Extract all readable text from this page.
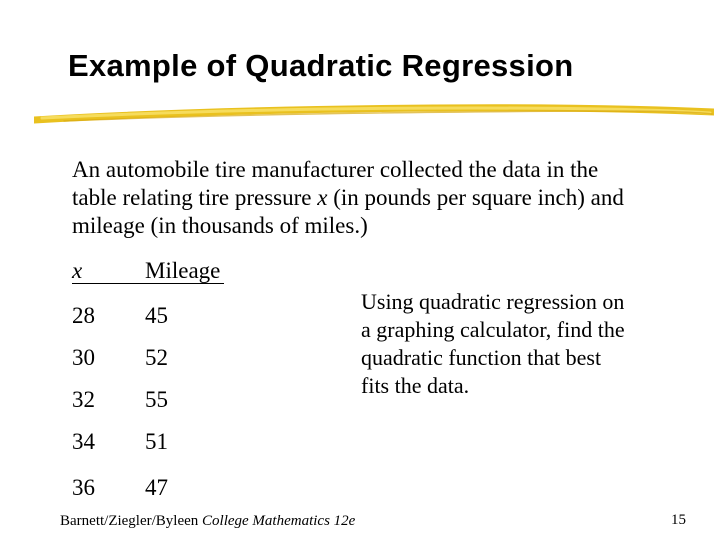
Example of Quadratic Regression
An automobile tire manufacturer collected the data in the table relating tire pressure x (in pounds per square inch) and mileage (in thousands of miles.)
x	Mileage
28 45
30 52
32 55
34 51
36 47
Using quadratic regression on a graphing calculator, find the quadratic function that best fits the data.
Barnett/Ziegler/Byleen College Mathematics 12e	15
